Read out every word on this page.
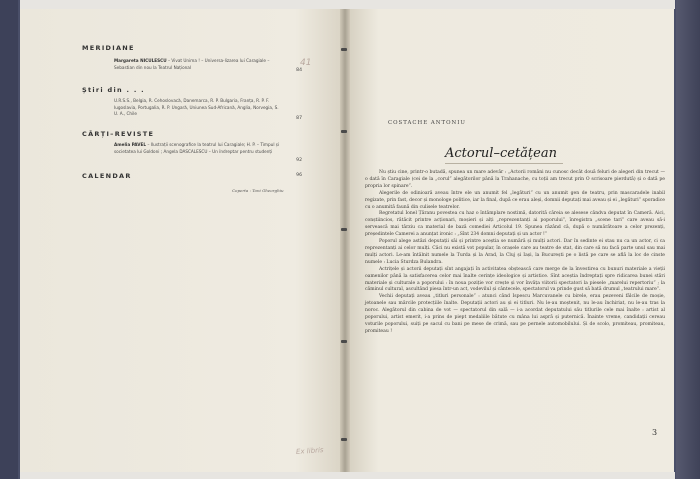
MERIDIANE
Margareta NICULESCU – Vivat Unima ! – Universa-lizarea lui Caragiale – Sebastian din nou la Teatrul Național
84
Știri din . . .
U.R.S.S., Belgia, R. Cehoslovacă, Danemarca, R. P. Bulgaria, Franța, R. P. F. Iugoslavia, Portugalia, R. P. Ungară, Uniunea Sud-Africană, Anglia, Norvegia, S. U. A., Chile
87
CĂRȚI–REVISTE
Amelia PAVEL – Ilustrații scenografice la teatrul lui Caragiale; H. P. – Timpul și societatea lui Goldoni ; Angela DASCALESCU – Un îndreptar pentru studenți
92
CALENDAR	96
Coperta : Toni Gheorghiu
41
Ex libris
COSTACHE ANTONIU
Actorul–cetățean

Nu știu cine, printr-o butadă, spunea un mare adevăr : „Actorii români nu cunosc decât două feluri de alegeri din trecut — o dată în Caragiale (cei de la „corul” alegătorilor până la Trahanache, cu toții am trecut prin O scrisoare pierdută) și o dată pe propria lor spinare”.

Alegerile de odinioară aveau între ele un anumit fel „legături” cu un anumit gen de teatru, prin mascaradele inabil regizate, prin fast, decor și monologe politice, iar la final, după ce erau aleși, domnii deputați mai aveau și ei „legături” sporadice cu o anumită faună din culisele teatrelor.

Regretatul Ionel Țăranu povestea cu haz o întâmplare nostimă, datorită căreia se alesese cândva deputat în Cameră. Aici, conștiincios, rătăcit printre acționari, moșieri și alți „reprezentanți ai poporului”, înregistra „scene tari” care aveau să-i servească mai târziu ca material de bază comediei Articolul 19. Spunea râzând că, după o numărătoare a celor prezenți, președintele Camerei a anunțat ironic : „Sînt 234 domni deputați și un actor !”

Poporul alege astăzi deputații săi și printre aceștia se numără și mulți actori. Dar în sedinte ei stau nu ca un actor, ci ca reprezentanți ai celor mulți. Căci nu există vot popular, în orașele care au teatre de stat, din care să nu facă parte unul sau mai mulți actori. Le-am întâlnit numele la Turda și la Arad, la Cluj și Iași, la București pe o listă pe care se află la loc de cinste numele : Lucia Sturdza Bulandra.

Actrițele și actorii deputați sînt angajați în activitatea obștească care merge de la învestirea cu bunuri materiale a vieții oamenilor până la satisfacerea celor mai înalte cerințe ideologice și artistice. Sînt aceștia îndreptați spre ridicarea bunei stări materiale și culturale a poporului : în noua poziție vor crește și vor învăța viitorii spectatori la piesele „marelui repertoriu” ; la căminul cultural, ascultând piesa într-un act, vodevilul și cântecele, spectatorul va prinde gust să bată drumul „teatrului mare”.

Vechii deputați aveau „titluri personale” : atunci când Ispescu Marcuvanele cu birele, erau pezeveni fălcile de moșie, jetoanele sau mărcile protecțiile înalte. Deputații actori au și ei titluri. Nu le-au moștenit, nu le-au închiriat, nu le-au tras la noroc. Alegătorul din cabina de vot — spectatorul din sală — i-a acordat deputatului său titlurile cele mai înalte : artist al poporului, artist emerit, i-a prins de piept medaliile bătute cu mâna lui aspră și puternică. Înainte vreme, candidații cereau voturile poporului, suiți pe sacul cu bani pe mese de crimă, sau pe pernele automobilului. Și de scolo, promiteau, promiteau, promiteau !

3
